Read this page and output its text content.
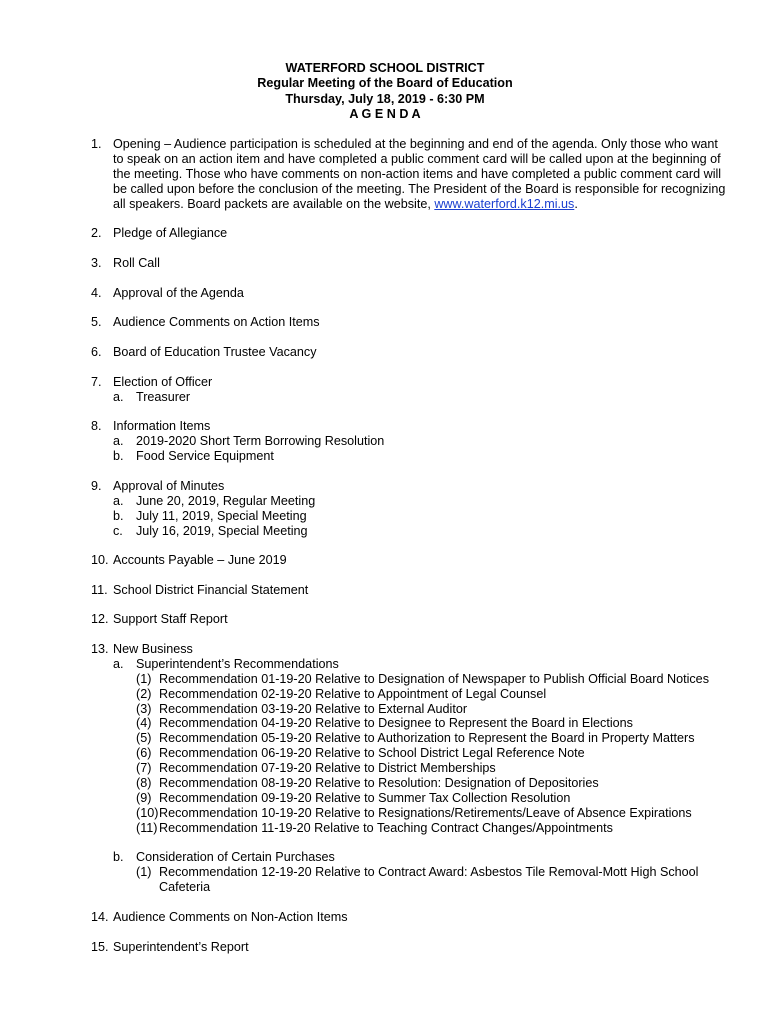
WATERFORD SCHOOL DISTRICT
Regular Meeting of the Board of Education
Thursday, July 18, 2019 - 6:30 PM
A G E N D A
1. Opening – Audience participation is scheduled at the beginning and end of the agenda. Only those who want
to speak on an action item and have completed a public comment card will be called upon at the beginning of
the meeting. Those who have comments on non-action items and have completed a public comment card will
be called upon before the conclusion of the meeting. The President of the Board is responsible for recognizing
all speakers. Board packets are available on the website, www.waterford.k12.mi.us.
2. Pledge of Allegiance
3. Roll Call
4. Approval of the Agenda
5. Audience Comments on Action Items
6. Board of Education Trustee Vacancy
7. Election of Officer
a. Treasurer
8. Information Items
a. 2019-2020 Short Term Borrowing Resolution
b. Food Service Equipment
9. Approval of Minutes
a. June 20, 2019, Regular Meeting
b. July 11, 2019, Special Meeting
c. July 16, 2019, Special Meeting
10. Accounts Payable – June 2019
11. School District Financial Statement
12. Support Staff Report
13. New Business
a. Superintendent’s Recommendations
(1) Recommendation 01-19-20 Relative to Designation of Newspaper to Publish Official Board Notices
(2) Recommendation 02-19-20 Relative to Appointment of Legal Counsel
(3) Recommendation 03-19-20 Relative to External Auditor
(4) Recommendation 04-19-20 Relative to Designee to Represent the Board in Elections
(5) Recommendation 05-19-20 Relative to Authorization to Represent the Board in Property Matters
(6) Recommendation 06-19-20 Relative to School District Legal Reference Note
(7) Recommendation 07-19-20 Relative to District Memberships
(8) Recommendation 08-19-20 Relative to Resolution: Designation of Depositories
(9) Recommendation 09-19-20 Relative to Summer Tax Collection Resolution
(10) Recommendation 10-19-20 Relative to Resignations/Retirements/Leave of Absence Expirations
(11) Recommendation 11-19-20 Relative to Teaching Contract Changes/Appointments
b. Consideration of Certain Purchases
(1) Recommendation 12-19-20 Relative to Contract Award: Asbestos Tile Removal-Mott High School
Cafeteria
14. Audience Comments on Non-Action Items
15. Superintendent’s Report
